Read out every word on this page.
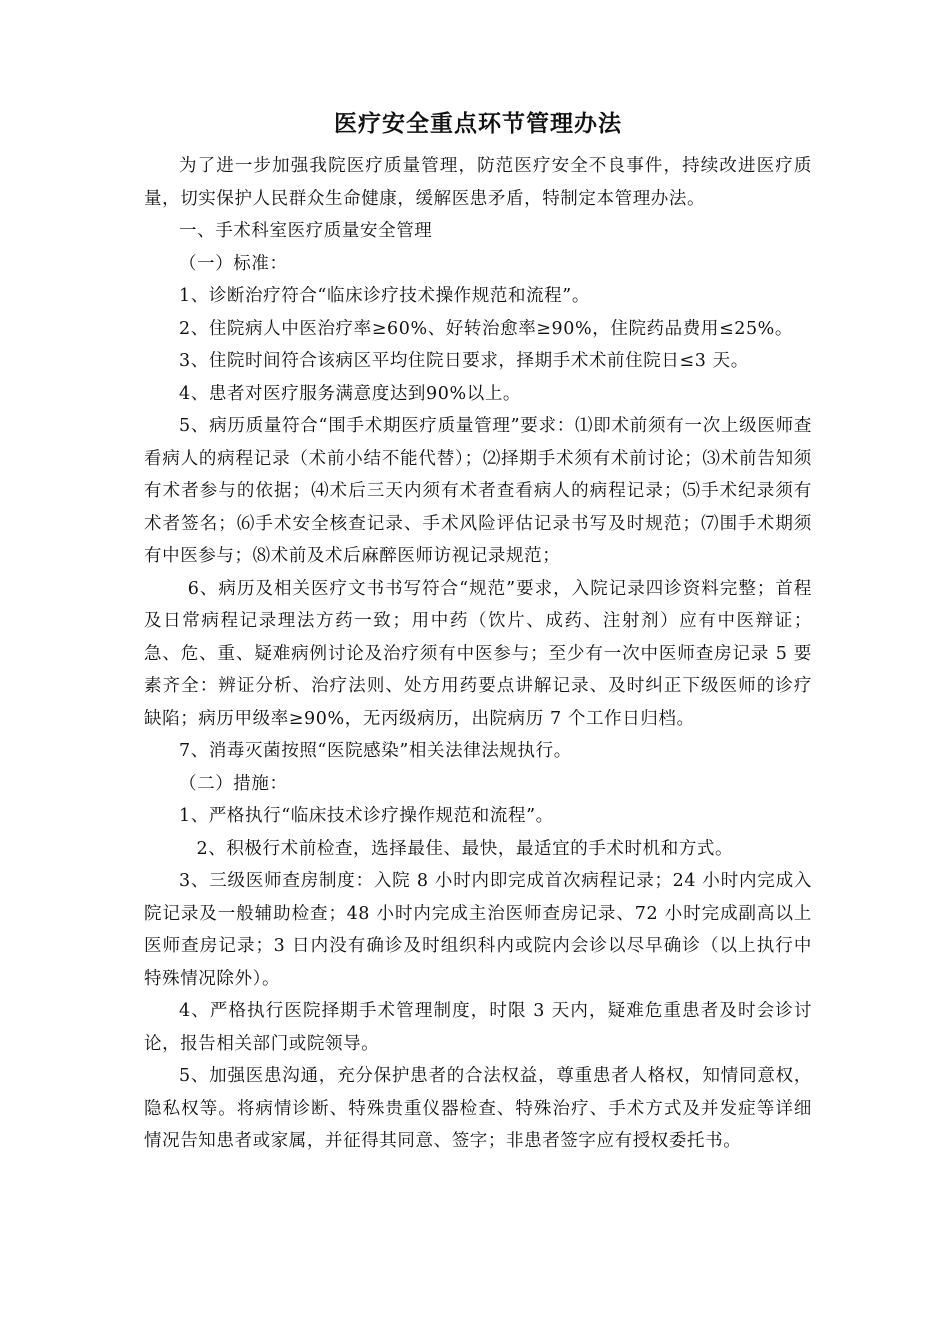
医疗安全重点环节管理办法

为了进一步加强我院医疗质量管理，防范医疗安全不良事件，持续改进医疗质量，切实保护人民群众生命健康，缓解医患矛盾，特制定本管理办法。

一、手术科室医疗质量安全管理

（一）标准：

1、诊断治疗符合“临床诊疗技术操作规范和流程”。

2、住院病人中医治疗率≥60%、好转治愈率≥90%，住院药品费用≤25%。

3、住院时间符合该病区平均住院日要求，择期手术术前住院日≤3 天。

4、患者对医疗服务满意度达到90%以上。

5、病历质量符合“围手术期医疗质量管理”要求：⑴即术前须有一次上级医师查看病人的病程记录（术前小结不能代替）；⑵择期手术须有术前讨论；⑶术前告知须有术者参与的依据；⑷术后三天内须有术者查看病人的病程记录；⑸手术纪录须有术者签名；⑹手术安全核查记录、手术风险评估记录书写及时规范；⑺围手术期须有中医参与；⑻术前及术后麻醉医师访视记录规范；

6、病历及相关医疗文书书写符合“规范”要求，入院记录四诊资料完整；首程及日常病程记录理法方药一致；用中药（饮片、成药、注射剂）应有中医辩证；急、危、重、疑难病例讨论及治疗须有中医参与；至少有一次中医师查房记录 5 要素齐全：辨证分析、治疗法则、处方用药要点讲解记录、及时纠正下级医师的诊疗缺陷；病历甲级率≥90%，无丙级病历，出院病历 7 个工作日归档。

7、消毒灭菌按照“医院感染”相关法律法规执行。

（二）措施：

1、严格执行“临床技术诊疗操作规范和流程”。

2、积极行术前检查，选择最佳、最快，最适宜的手术时机和方式。

3、三级医师查房制度：入院 8 小时内即完成首次病程记录；24 小时内完成入院记录及一般辅助检查；48 小时内完成主治医师查房记录、72 小时完成副高以上医师查房记录；3 日内没有确诊及时组织科内或院内会诊以尽早确诊（以上执行中特殊情况除外）。

4、严格执行医院择期手术管理制度，时限 3 天内，疑难危重患者及时会诊讨论，报告相关部门或院领导。

5、加强医患沟通，充分保护患者的合法权益，尊重患者人格权，知情同意权，隐私权等。将病情诊断、特殊贵重仪器检查、特殊治疗、手术方式及并发症等详细情况告知患者或家属，并征得其同意、签字；非患者签字应有授权委托书。
